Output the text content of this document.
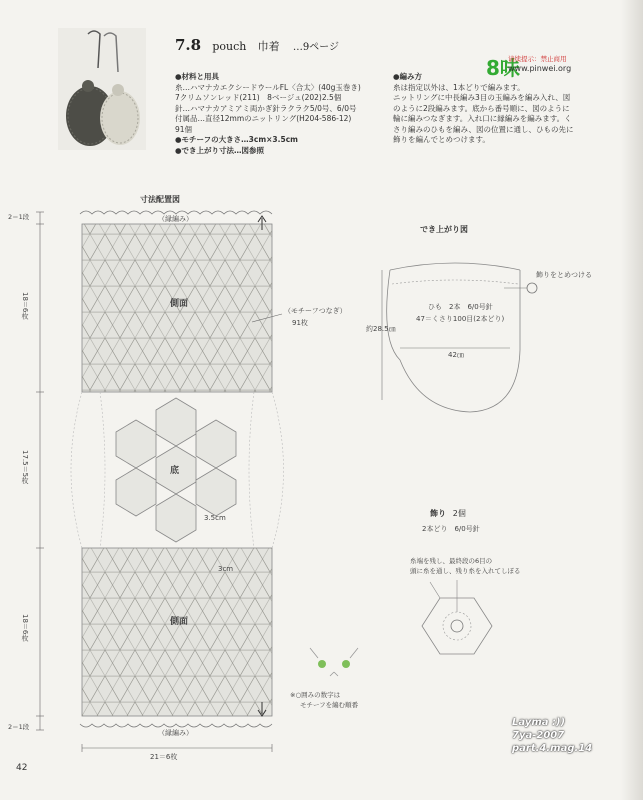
7.8 pouch 巾着 …9ページ
●材料と用具
糸…ハマナカエクシードウールFL〈合太〉(40g玉巻き)
7クリムソンレッド(211)　8ベージュ(202)2.5個
針…ハマナカアミアミ両かぎ針ラクラク5/0号、6/0号
付属品…直径12mmのニットリング(H204-586-12)
91個
●モチーフの大きさ…3cm×3.5cm
●でき上がり寸法…図参照
●編み方
糸は指定以外は、1本どりで編みます。
ニットリングに中長編み3目の玉編みを編み入れ、図
のように2段編みます。底から番号順に、図のように
輪に編みつなぎます。入れ口に縁編みを編みます。く
さり編みのひもを編み、図の位置に通し、ひもの先に
飾りを編んでとめつけます。
8味
请续提示：禁止商用
www.pinwei.org
寸法配置図
（縁編み）
（縁編み）
側面
側面
底
（モチーフつなぎ）
91枚
2＝1段
18＝6枚
17.5＝5枚
18＝6枚
2＝1段
21＝6枚
3.5cm
3cm
※○囲みの数字は
モチーフを編む順番
でき上がり図
飾りをとめつける
ひも　2本　6/0号針
47＝くさり100目(2本どり)
約28.5㎝
42㎝
飾り 2個
2本どり　6/0号針
糸端を残し、最終段の6目の
頭に糸を通し、残り糸を入れてしぼる
Layma :))
7ya-2007
part.4.mag.14
42
